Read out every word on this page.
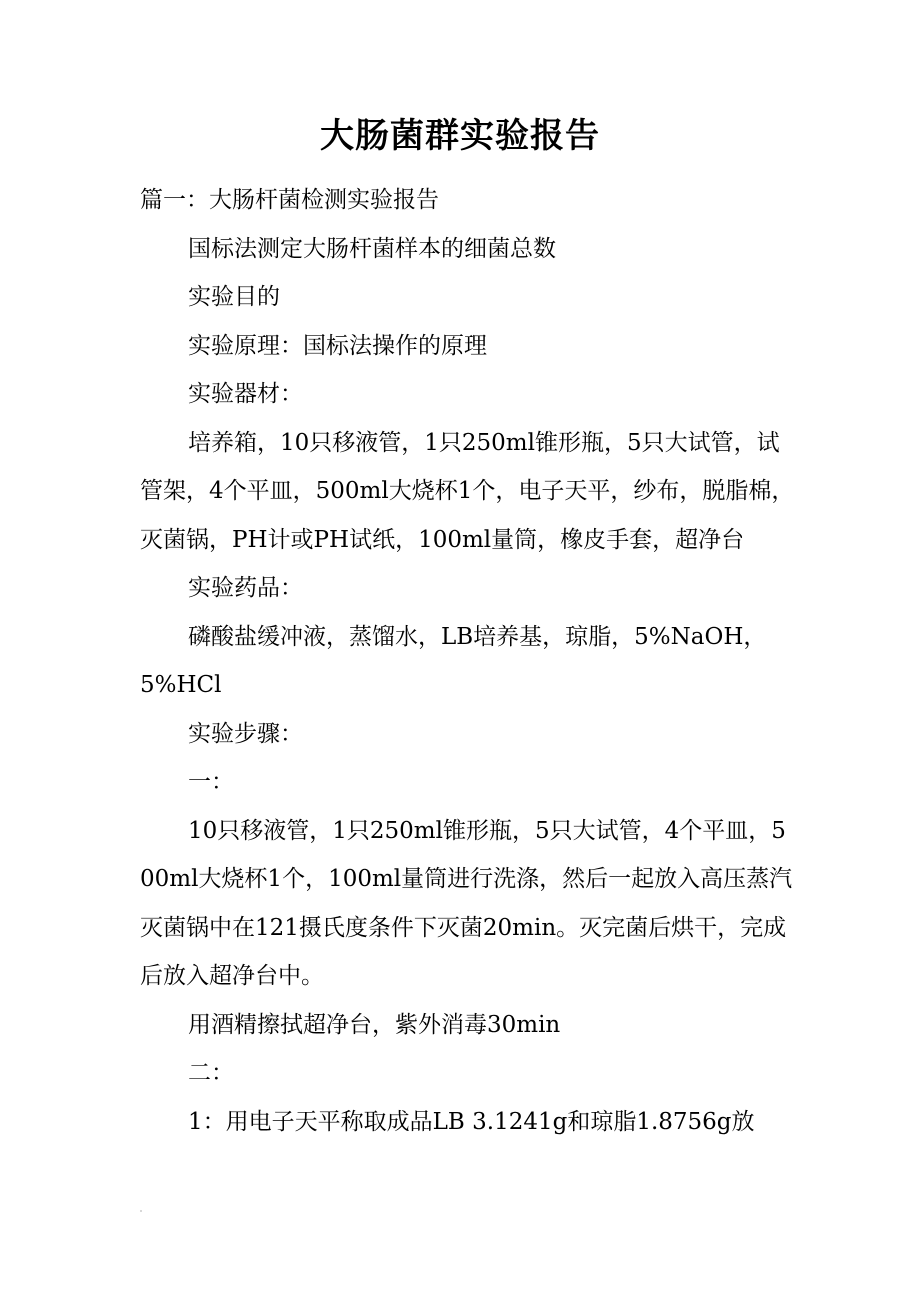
大肠菌群实验报告

篇一：大肠杆菌检测实验报告

国标法测定大肠杆菌样本的细菌总数

实验目的

实验原理：国标法操作的原理

实验器材：

培养箱，10只移液管，1只250ml锥形瓶，5只大试管，试管架，4个平皿，500ml大烧杯1个，电子天平，纱布，脱脂棉，灭菌锅，PH计或PH试纸，100ml量筒，橡皮手套，超净台

实验药品：

磷酸盐缓冲液，蒸馏水，LB培养基，琼脂，5%NaOH，5%HCl

实验步骤：

一：

10只移液管，1只250ml锥形瓶，5只大试管，4个平皿，500ml大烧杯1个，100ml量筒进行洗涤，然后一起放入高压蒸汽灭菌锅中在121摄氏度条件下灭菌20min。灭完菌后烘干，完成后放入超净台中。

用酒精擦拭超净台，紫外消毒30min

二：

1：用电子天平称取成品LB 3.1241g和琼脂1.8756g放
